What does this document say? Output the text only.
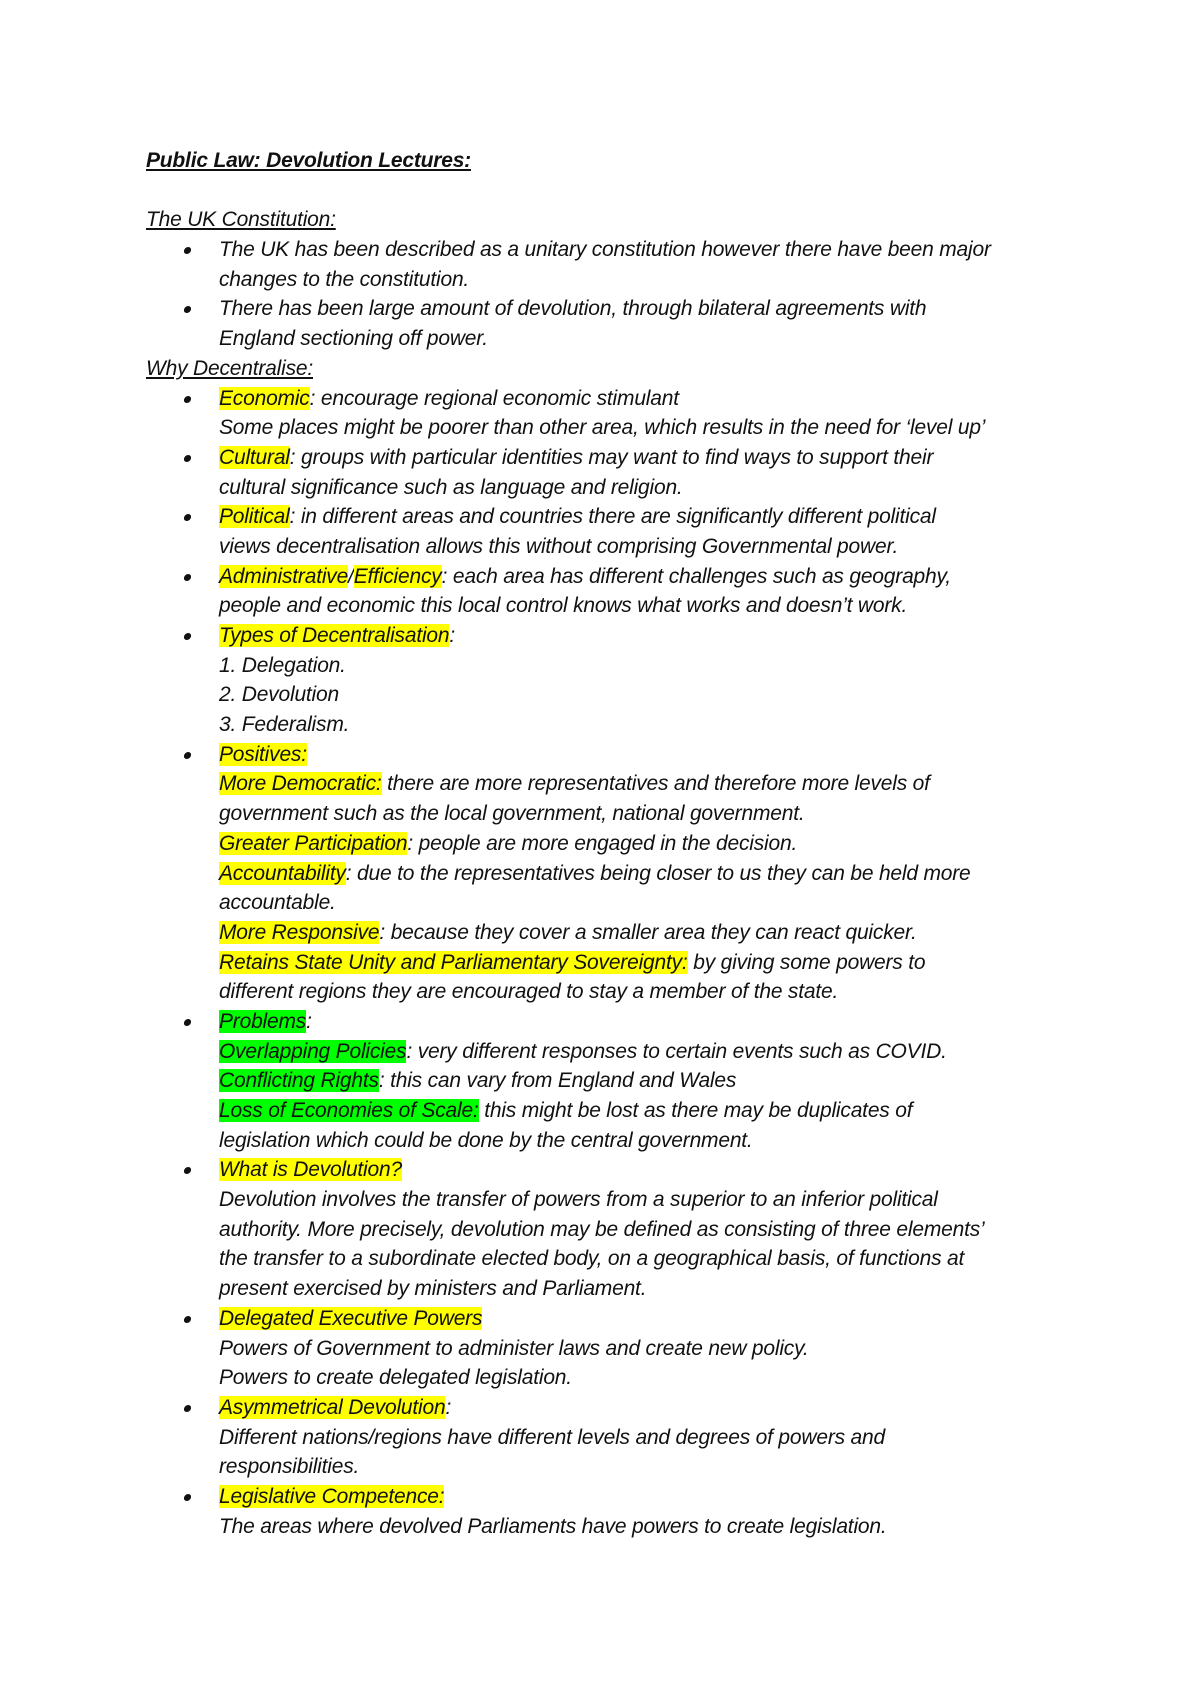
Public Law: Devolution Lectures:
The UK Constitution:
The UK has been described as a unitary constitution however there have been major
changes to the constitution.
There has been large amount of devolution, through bilateral agreements with
England sectioning off power.
Why Decentralise:
Economic: encourage regional economic stimulant
Some places might be poorer than other area, which results in the need for ‘level up’
Cultural: groups with particular identities may want to find ways to support their
cultural significance such as language and religion.
Political: in different areas and countries there are significantly different political
views decentralisation allows this without comprising Governmental power.
Administrative/Efficiency: each area has different challenges such as geography,
people and economic this local control knows what works and doesn’t work.
Types of Decentralisation:
1. Delegation.
2. Devolution
3. Federalism.
Positives:
More Democratic: there are more representatives and therefore more levels of
government such as the local government, national government.
Greater Participation: people are more engaged in the decision.
Accountability: due to the representatives being closer to us they can be held more
accountable.
More Responsive: because they cover a smaller area they can react quicker.
Retains State Unity and Parliamentary Sovereignty: by giving some powers to
different regions they are encouraged to stay a member of the state.
Problems:
Overlapping Policies: very different responses to certain events such as COVID.
Conflicting Rights: this can vary from England and Wales
Loss of Economies of Scale: this might be lost as there may be duplicates of
legislation which could be done by the central government.
What is Devolution?
Devolution involves the transfer of powers from a superior to an inferior political
authority. More precisely, devolution may be defined as consisting of three elements’
the transfer to a subordinate elected body, on a geographical basis, of functions at
present exercised by ministers and Parliament.
Delegated Executive Powers
Powers of Government to administer laws and create new policy.
Powers to create delegated legislation.
Asymmetrical Devolution:
Different nations/regions have different levels and degrees of powers and
responsibilities.
Legislative Competence:
The areas where devolved Parliaments have powers to create legislation.
